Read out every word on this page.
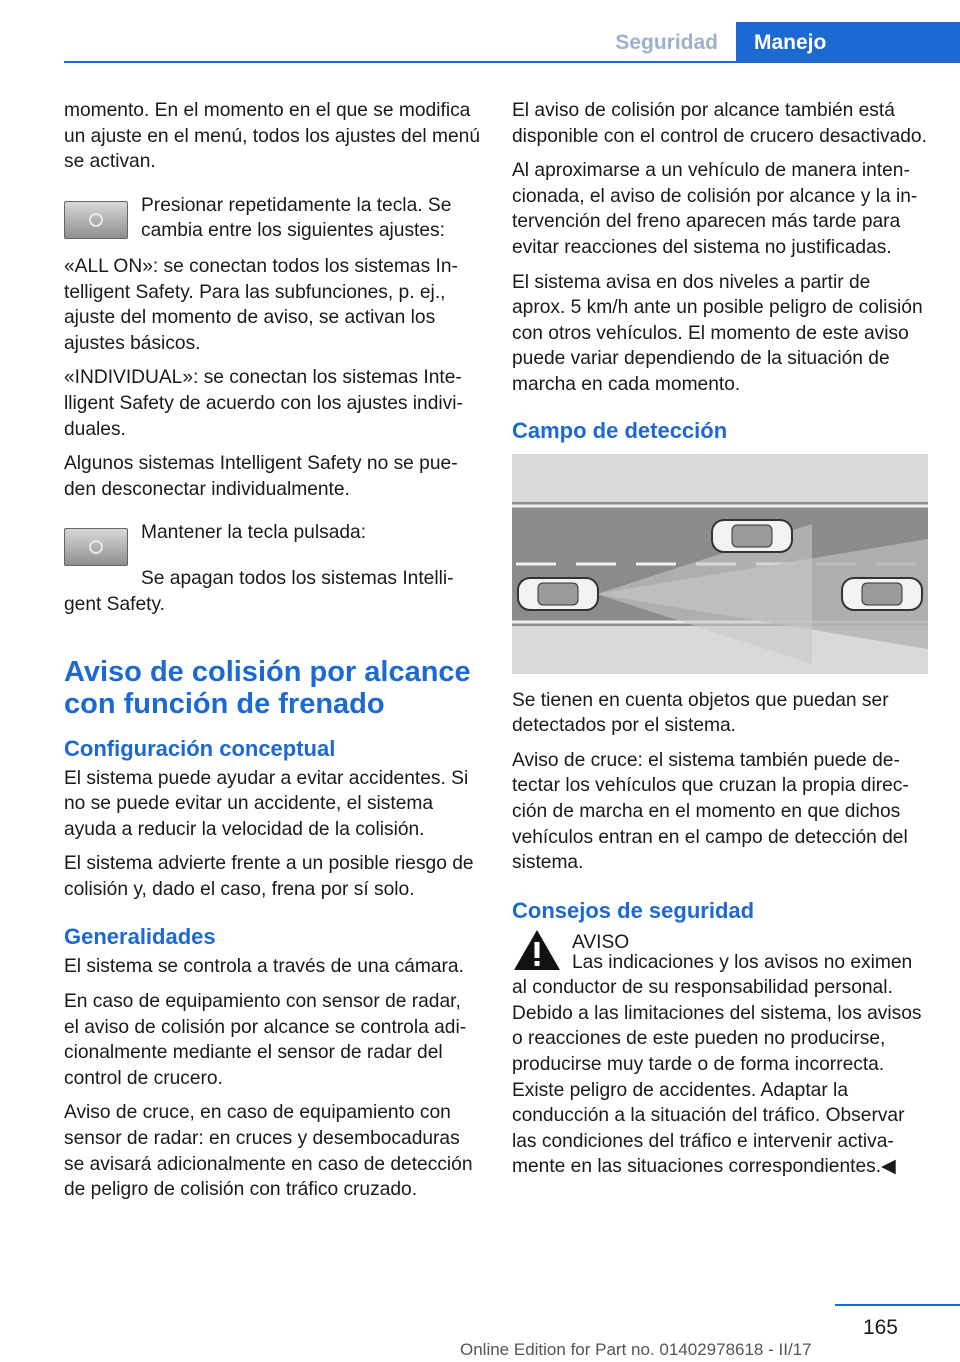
Seguridad	Manejo

momento. En el momento en el que se modifica un ajuste en el menú, todos los ajustes del menú se activan.

Presionar repetidamente la tecla. Se cambia entre los siguientes ajustes:

«ALL ON»: se conectan todos los sistemas Intelligent Safety. Para las subfunciones, p. ej., ajuste del momento de aviso, se activan los ajustes básicos.

«INDIVIDUAL»: se conectan los sistemas Intelligent Safety de acuerdo con los ajustes individuales.

Algunos sistemas Intelligent Safety no se pueden desconectar individualmente.

Mantener la tecla pulsada:

Se apagan todos los sistemas Intelligent Safety.

Aviso de colisión por alcance con función de frenado
Configuración conceptual

El sistema puede ayudar a evitar accidentes. Si no se puede evitar un accidente, el sistema ayuda a reducir la velocidad de la colisión.

El sistema advierte frente a un posible riesgo de colisión y, dado el caso, frena por sí solo.

Generalidades

El sistema se controla a través de una cámara.

En caso de equipamiento con sensor de radar, el aviso de colisión por alcance se controla adicionalmente mediante el sensor de radar del control de crucero.

Aviso de cruce, en caso de equipamiento con sensor de radar: en cruces y desembocaduras se avisará adicionalmente en caso de detección de peligro de colisión con tráfico cruzado.

El aviso de colisión por alcance también está disponible con el control de crucero desactivado.

Al aproximarse a un vehículo de manera intencionada, el aviso de colisión por alcance y la intervención del freno aparecen más tarde para evitar reacciones del sistema no justificadas.

El sistema avisa en dos niveles a partir de aprox. 5 km/h ante un posible peligro de colisión con otros vehículos. El momento de este aviso puede variar dependiendo de la situación de marcha en cada momento.

Campo de detección

Se tienen en cuenta objetos que puedan ser detectados por el sistema.

Aviso de cruce: el sistema también puede detectar los vehículos que cruzan la propia dirección de marcha en el momento en que dichos vehículos entran en el campo de detección del sistema.

Consejos de seguridad

AVISO

Las indicaciones y los avisos no eximen al conductor de su responsabilidad personal. Debido a las limitaciones del sistema, los avisos o reacciones de este pueden no producirse, producirse muy tarde o de forma incorrecta. Existe peligro de accidentes. Adaptar la conducción a la situación del tráfico. Observar las condiciones del tráfico e intervenir activamente en las situaciones correspondientes.◀

165
Online Edition for Part no. 01402978618 - II/17
